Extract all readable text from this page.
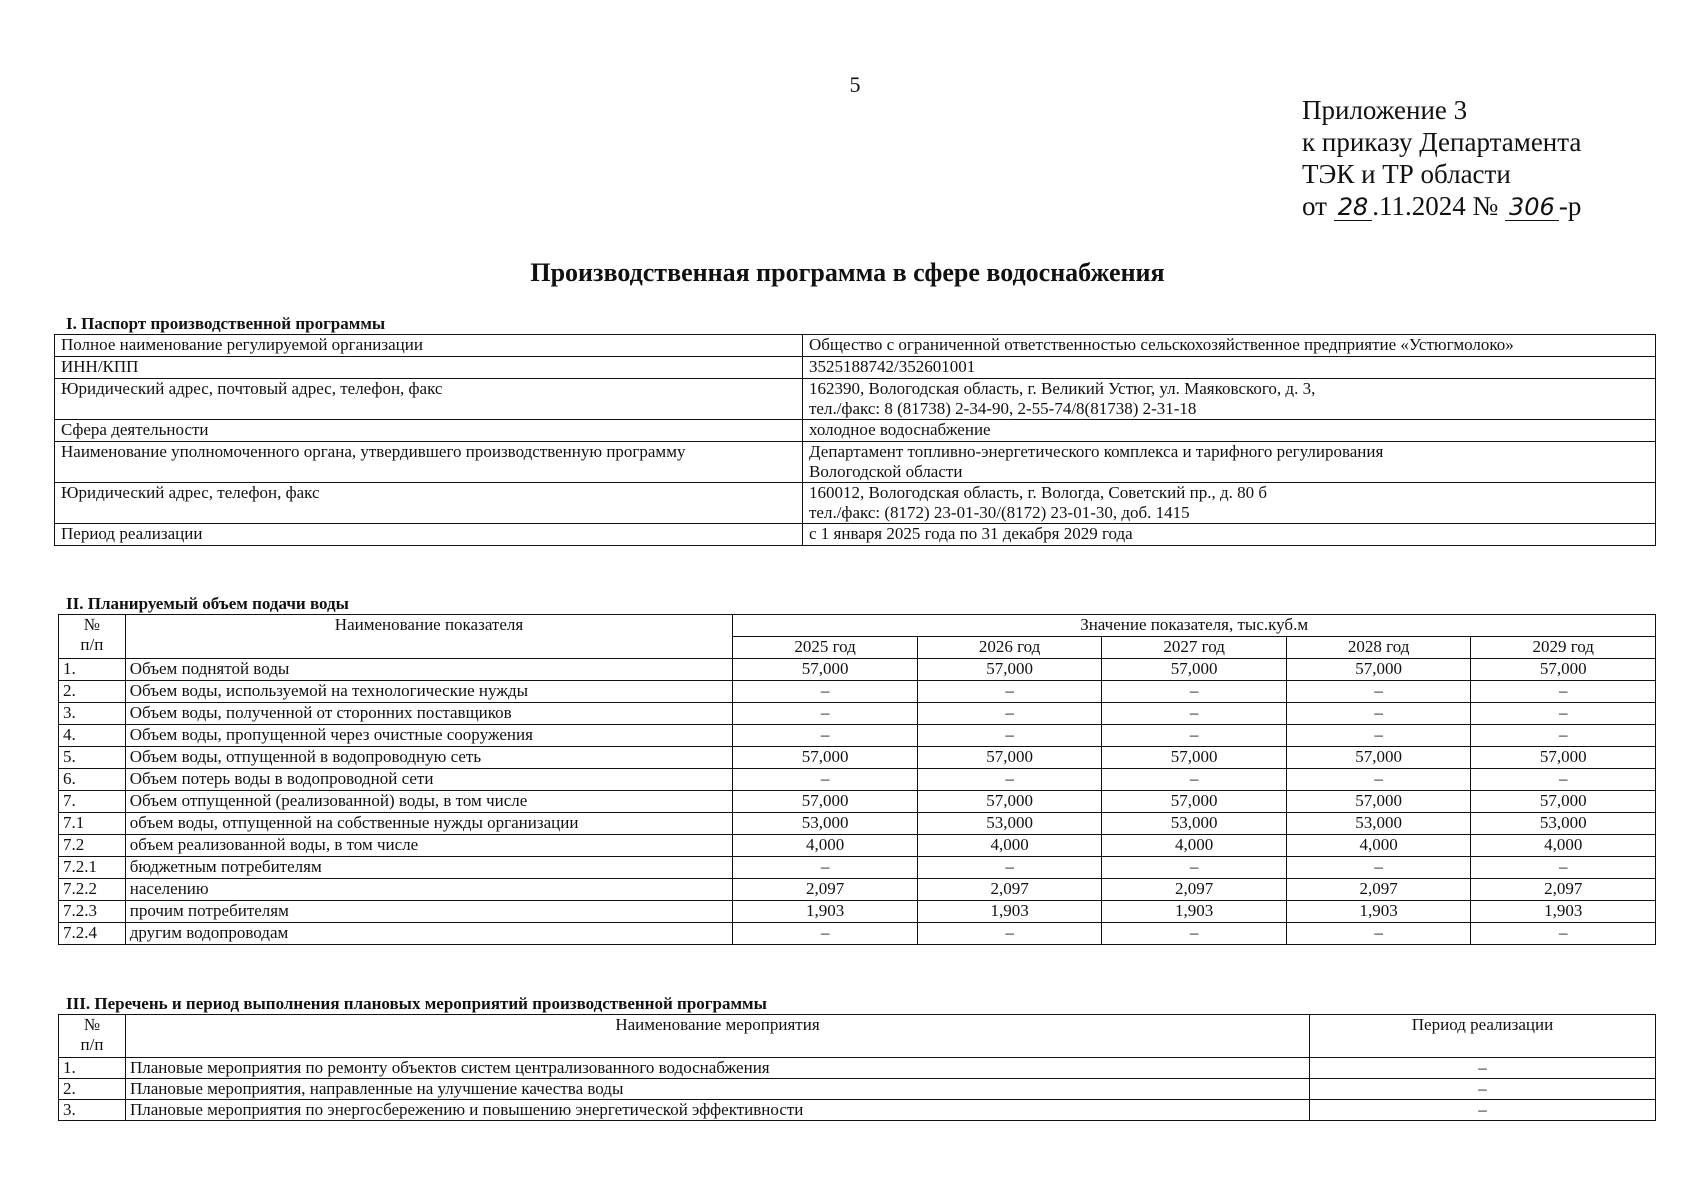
5
Приложение 3
к приказу Департамента
ТЭК и ТР области
от 28 .11.2024 № 306 -р
Производственная программа в сфере водоснабжения
I. Паспорт производственной программы
Полное наименование регулируемой организации	Общество с ограниченной ответственностью сельскохозяйственное предприятие «Устюгмолоко»
ИНН/КПП	3525188742/352601001
Юридический адрес, почтовый адрес, телефон, факс	162390, Вологодская область, г. Великий Устюг, ул. Маяковского, д. 3,
тел./факс: 8 (81738) 2-34-90, 2-55-74/8(81738) 2-31-18
Сфера деятельности	холодное водоснабжение
Наименование уполномоченного органа, утвердившего производственную программу	Департамент топливно-энергетического комплекса и тарифного регулирования
Вологодской области
Юридический адрес, телефон, факс	160012, Вологодская область, г. Вологда, Советский пр., д. 80 б
тел./факс: (8172) 23-01-30/(8172) 23-01-30, доб. 1415
Период реализации	с 1 января 2025 года по 31 декабря 2029 года
II. Планируемый объем подачи воды
№
п/п	Наименование показателя	Значение показателя, тыс.куб.м				
		2025 год	2026 год	2027 год	2028 год	2029 год
1.	Объем поднятой воды	57,000	57,000	57,000	57,000	57,000
2.	Объем воды, используемой на технологические нужды	–	–	–	–	–
3.	Объем воды, полученной от сторонних поставщиков	–	–	–	–	–
4.	Объем воды, пропущенной через очистные сооружения	–	–	–	–	–
5.	Объем воды, отпущенной в водопроводную сеть	57,000	57,000	57,000	57,000	57,000
6.	Объем потерь воды в водопроводной сети	–	–	–	–	–
7.	Объем отпущенной (реализованной) воды, в том числе	57,000	57,000	57,000	57,000	57,000
7.1	объем воды, отпущенной на собственные нужды организации	53,000	53,000	53,000	53,000	53,000
7.2	объем реализованной воды, в том числе	4,000	4,000	4,000	4,000	4,000
7.2.1	бюджетным потребителям	–	–	–	–	–
7.2.2	населению	2,097	2,097	2,097	2,097	2,097
7.2.3	прочим потребителям	1,903	1,903	1,903	1,903	1,903
7.2.4	другим водопроводам	–	–	–	–	–
III. Перечень и период выполнения плановых мероприятий производственной программы
№
п/п	Наименование мероприятия	Период реализации
1.	Плановые мероприятия по ремонту объектов систем централизованного водоснабжения	–
2.	Плановые мероприятия, направленные на улучшение качества воды	–
3.	Плановые мероприятия по энергосбережению и повышению энергетической эффективности	–
